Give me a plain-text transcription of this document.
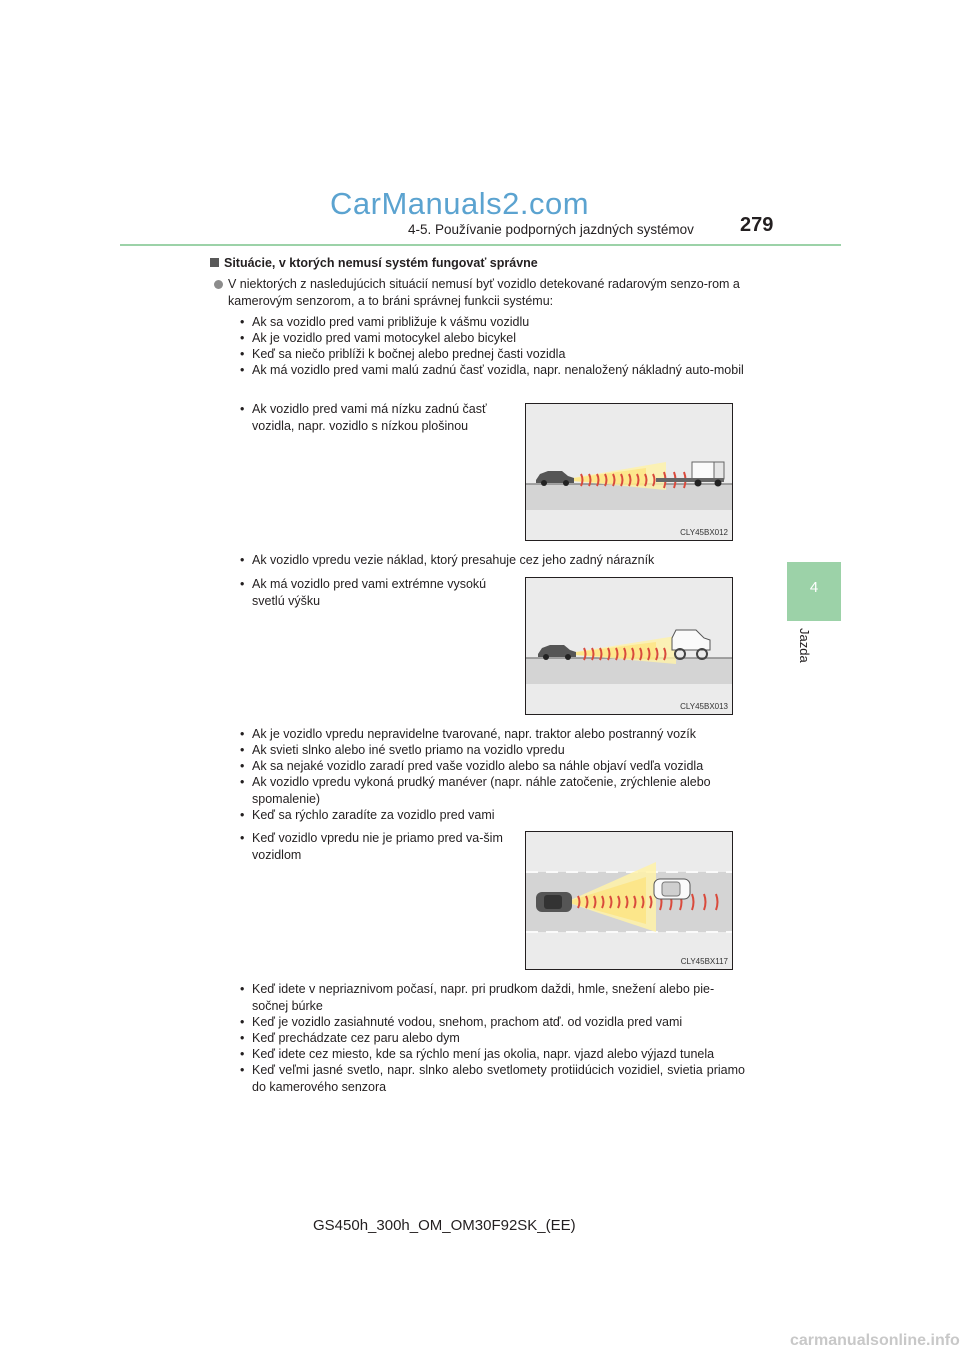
CarManuals2.com
4-5. Používanie podporných jazdných systémov 279
4
Jazda
Situácie, v ktorých nemusí systém fungovať správne
V niektorých z nasledujúcich situácií nemusí byť vozidlo detekované radarovým senzo-rom a kamerovým senzorom, a to bráni správnej funkcii systému:
• Ak sa vozidlo pred vami približuje k vášmu vozidlu
• Ak je vozidlo pred vami motocykel alebo bicykel
• Keď sa niečo priblíži k bočnej alebo prednej časti vozidla
• Ak má vozidlo pred vami malú zadnú časť vozidla, napr. nenaložený nákladný auto-mobil
• Ak vozidlo pred vami má nízku zadnú časť vozidla, napr. vozidlo s nízkou plošinou
CLY45BX012
• Ak vozidlo vpredu vezie náklad, ktorý presahuje cez jeho zadný nárazník
• Ak má vozidlo pred vami extrémne vysokú svetlú výšku
CLY45BX013
• Ak je vozidlo vpredu nepravidelne tvarované, napr. traktor alebo postranný vozík
• Ak svieti slnko alebo iné svetlo priamo na vozidlo vpredu
• Ak sa nejaké vozidlo zaradí pred vaše vozidlo alebo sa náhle objaví vedľa vozidla
• Ak vozidlo vpredu vykoná prudký manéver (napr. náhle zatočenie, zrýchlenie alebo spomalenie)
• Keď sa rýchlo zaradíte za vozidlo pred vami
• Keď vozidlo vpredu nie je priamo pred va-šim vozidlom
CLY45BX117
• Keď idete v nepriaznivom počasí, napr. pri prudkom daždi, hmle, snežení alebo pie-sočnej búrke
• Keď je vozidlo zasiahnuté vodou, snehom, prachom atď. od vozidla pred vami
• Keď prechádzate cez paru alebo dym
• Keď idete cez miesto, kde sa rýchlo mení jas okolia, napr. vjazd alebo výjazd tunela
• Keď veľmi jasné svetlo, napr. slnko alebo svetlomety protiidúcich vozidiel, svietia priamo do kamerového senzora
GS450h_300h_OM_OM30F92SK_(EE)
carmanualsonline.info
